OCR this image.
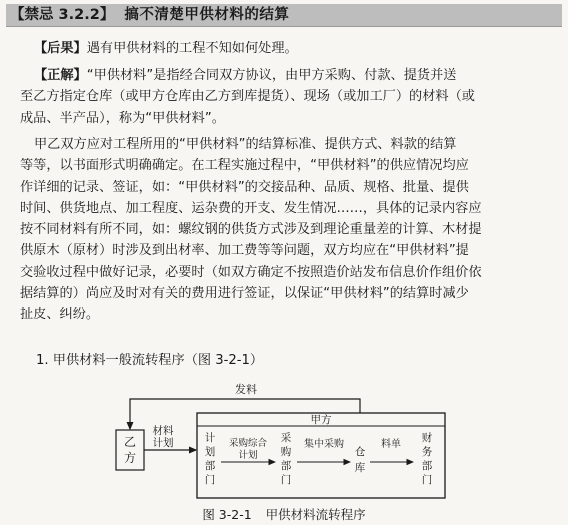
【禁忌 3.2.2】 搞不清楚甲供材料的结算
【后果】遇有甲供材料的工程不知如何处理。
【正解】“甲供材料”是指经合同双方协议，由甲方采购、付款、提货并送
至乙方指定仓库（或甲方仓库由乙方到库提货）、现场（或加工厂）的材料（或
成品、半产品），称为“甲供材料”。
甲乙双方应对工程所用的“甲供材料”的结算标准、提供方式、料款的结算
等等，以书面形式明确确定。在工程实施过程中，“甲供材料”的供应情况均应
作详细的记录、签证，如：“甲供材料”的交接品种、品质、规格、批量、提供
时间、供货地点、加工程度、运杂费的开支、发生情况……，具体的记录内容应
按不同材料有所不同，如：螺纹钢的供货方式涉及到理论重量差的计算、木材提
供原木（原材）时涉及到出材率、加工费等等问题，双方均应在“甲供材料”提
交验收过程中做好记录，必要时（如双方确定不按照造价站发布信息价作组价依
据结算的）尚应及时对有关的费用进行签证，以保证“甲供材料”的结算时减少
扯皮、纠纷。
1. 甲供材料一般流转程序（图 3-2-1）
发料
乙
方
材料
计划
甲方
计
划
部
门
采购综合
计划
采
购
部
门
集中采购
仓
库
料单
财
务
部
门
图 3-2-1 甲供材料流转程序
